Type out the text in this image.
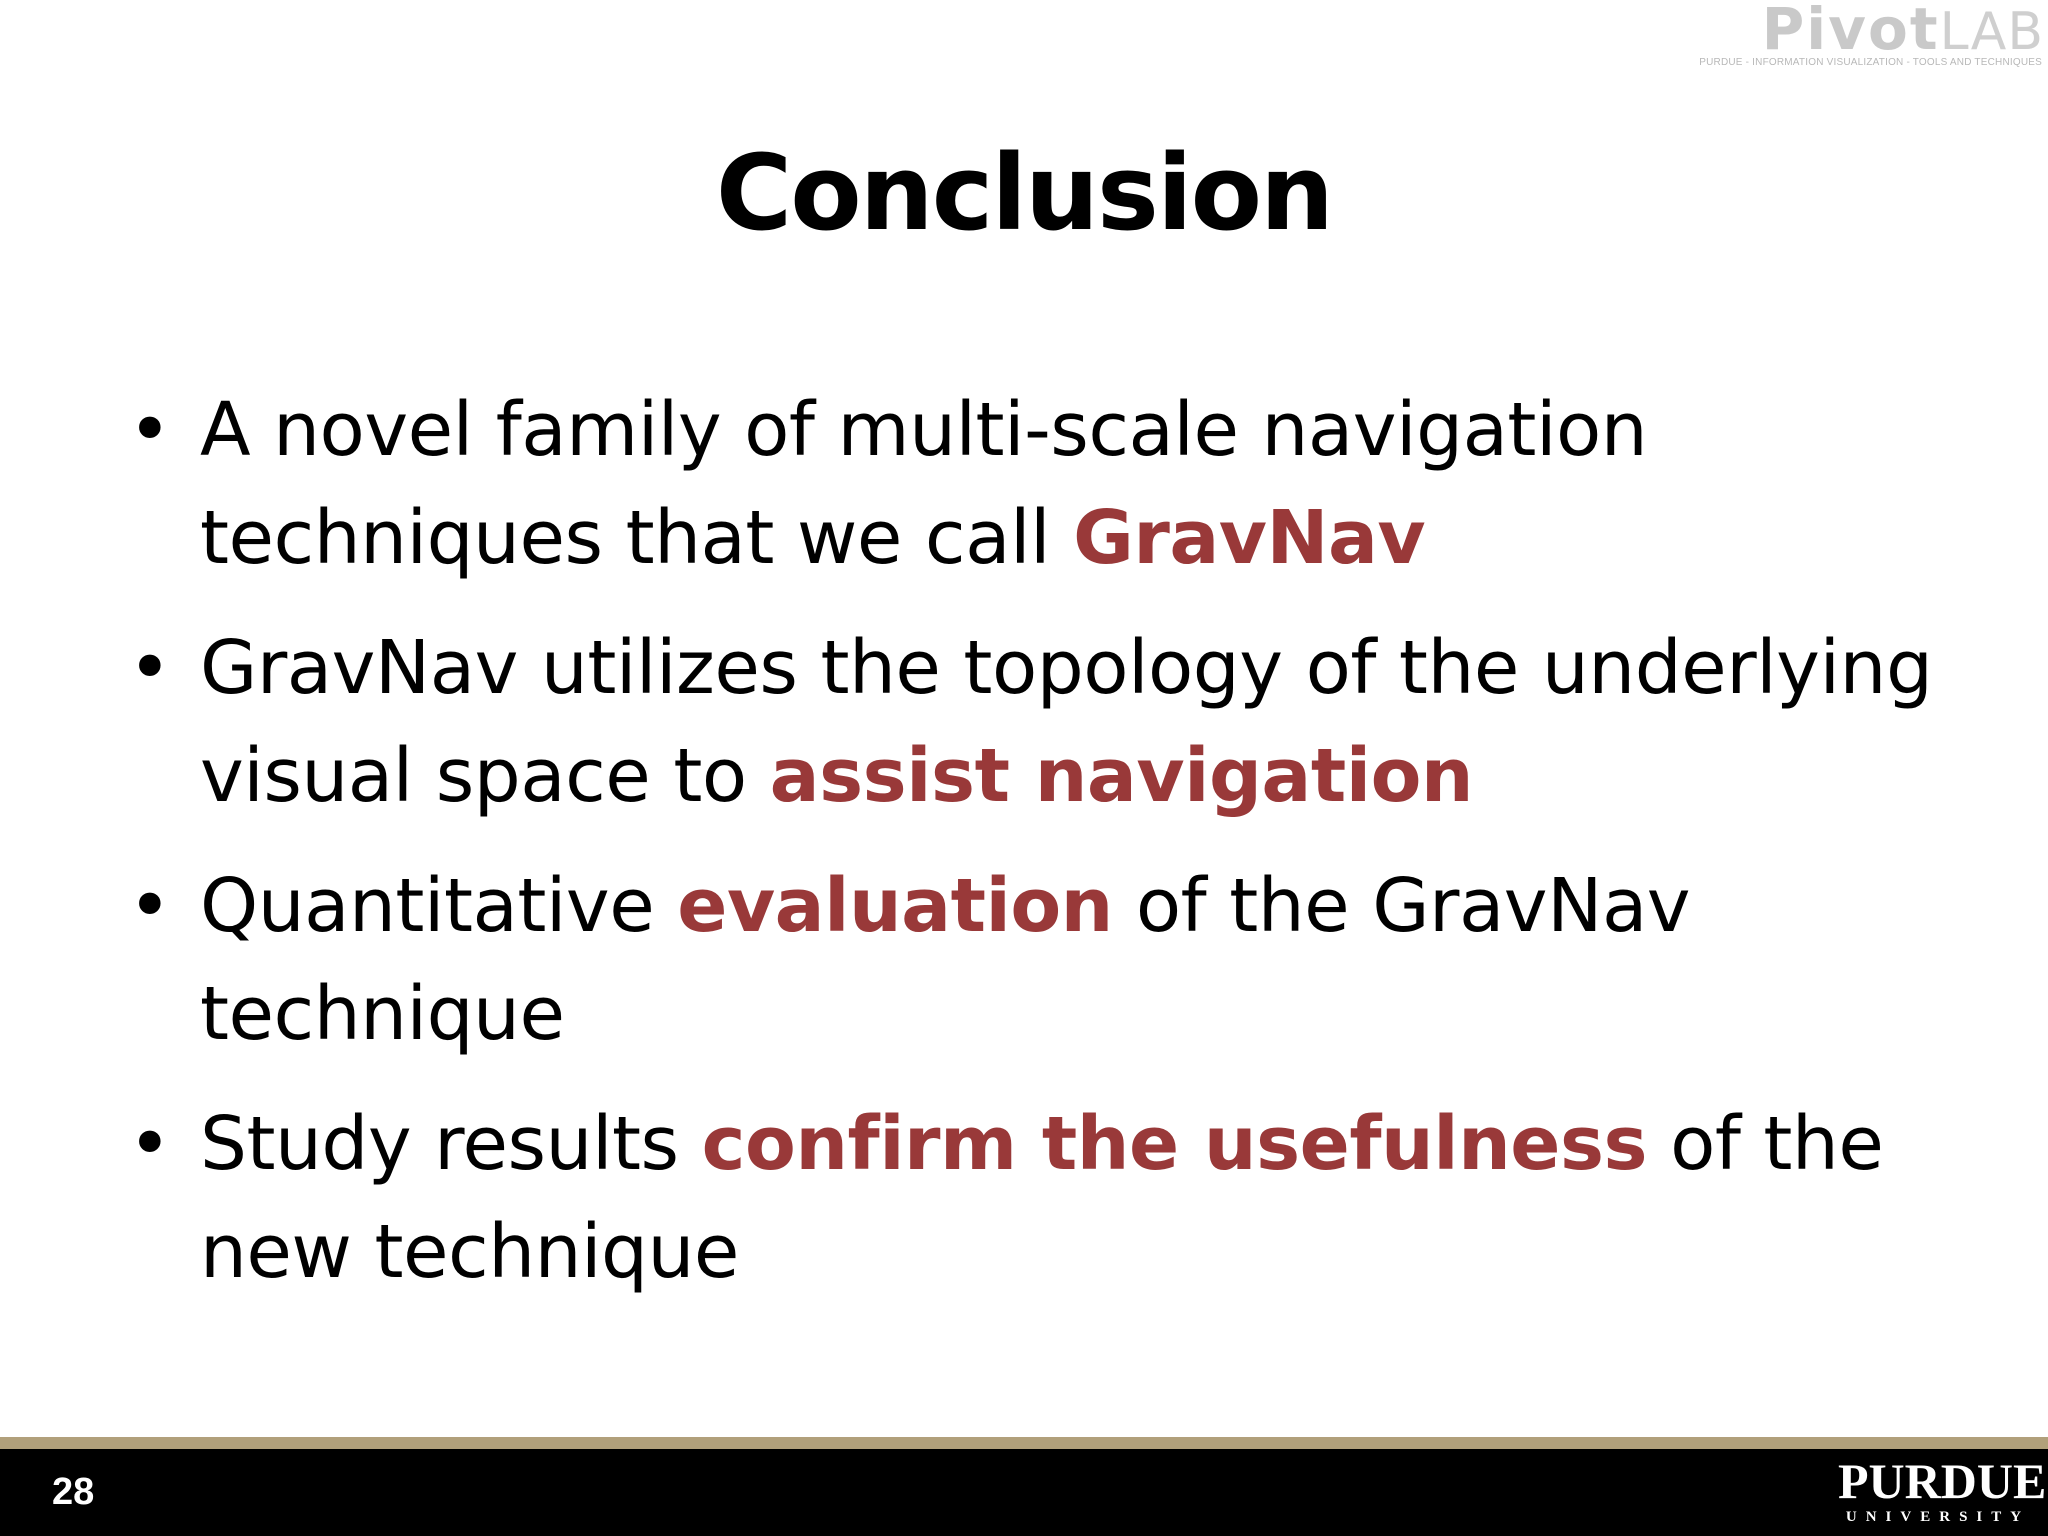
PivotLAB
PURDUE - INFORMATION VISUALIZATION - TOOLS AND TECHNIQUES
Conclusion
• A novel family of multi-scale navigation techniques that we call GravNav
• GravNav utilizes the topology of the underlying visual space to assist navigation
• Quantitative evaluation of the GravNav technique
• Study results confirm the usefulness of the new technique
28	PURDUE
UNIVERSITY
